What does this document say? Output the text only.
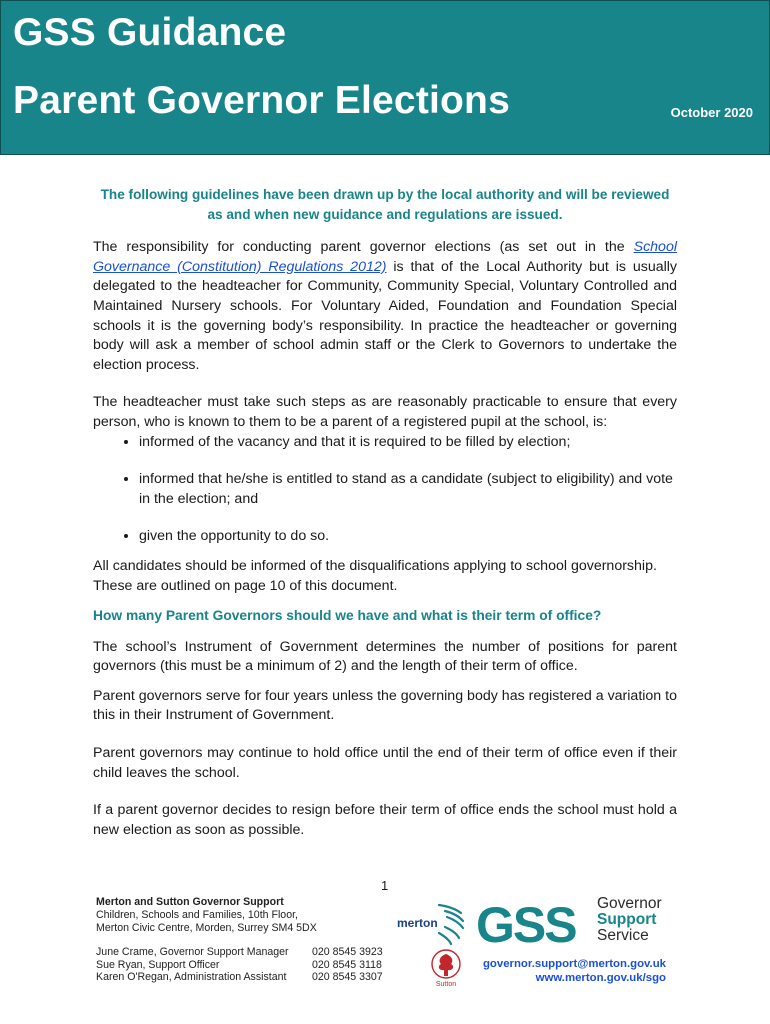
GSS Guidance
Parent Governor Elections	October 2020
The following guidelines have been drawn up by the local authority and will be reviewed as and when new guidance and regulations are issued.

The responsibility for conducting parent governor elections (as set out in the School Governance (Constitution) Regulations 2012) is that of the Local Authority but is usually delegated to the headteacher for Community, Community Special, Voluntary Controlled and Maintained Nursery schools. For Voluntary Aided, Foundation and Foundation Special schools it is the governing body’s responsibility. In practice the headteacher or governing body will ask a member of school admin staff or the Clerk to Governors to undertake the election process.

The headteacher must take such steps as are reasonably practicable to ensure that every person, who is known to them to be a parent of a registered pupil at the school, is:

• informed of the vacancy and that it is required to be filled by election;
• informed that he/she is entitled to stand as a candidate (subject to eligibility) and vote in the election; and
• given the opportunity to do so.

All candidates should be informed of the disqualifications applying to school governorship. These are outlined on page 10 of this document.

How many Parent Governors should we have and what is their term of office?

The school’s Instrument of Government determines the number of positions for parent governors (this must be a minimum of 2) and the length of their term of office.

Parent governors serve for four years unless the governing body has registered a variation to this in their Instrument of Government.

Parent governors may continue to hold office until the end of their term of office even if their child leaves the school.

If a parent governor decides to resign before their term of office ends the school must hold a new election as soon as possible.

1
Merton and Sutton Governor Support
Children, Schools and Families, 10th Floor,
Merton Civic Centre, Morden, Surrey SM4 5DX
June Crame, Governor Support Manager	020 8545 3923
Sue Ryan, Support Officer	020 8545 3118
Karen O'Regan, Administration Assistant	020 8545 3307
merton
Sutton
GSS Governor
Support
Service
governor.support@merton.gov.uk
www.merton.gov.uk/sgo
